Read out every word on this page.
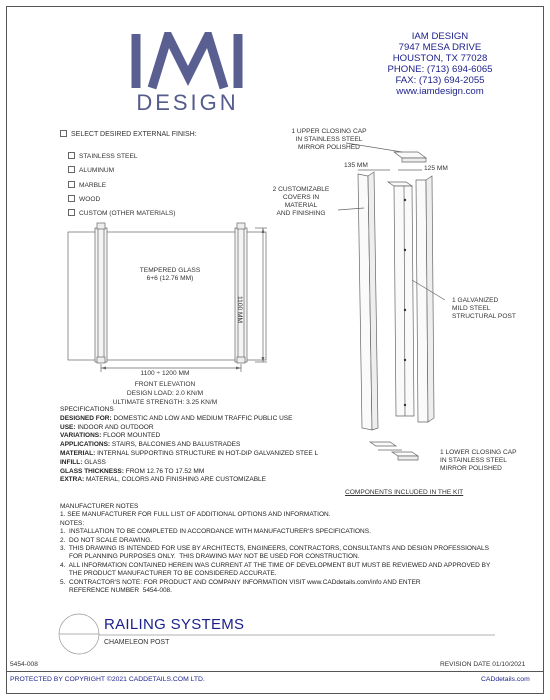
DESIGN
IAM DESIGN
7947 MESA DRIVE
HOUSTON, TX 77028
PHONE: (713) 694-6065
FAX: (713) 694-2055
www.iamdesign.com
SELECT DESIRED EXTERNAL FINISH:
STAINLESS STEEL
ALUMINUM
MARBLE
WOOD
CUSTOM (OTHER MATERIALS)
TEMPERED GLASS
6+6 (12.76 MM)
1100 MM
1100 ÷ 1200 MM
FRONT ELEVATION
DESIGN LOAD: 2.0 KN/M
ULTIMATE STRENGTH: 3.25 KN/M
1 UPPER CLOSING CAP
IN STAINLESS STEEL
MIRROR POLISHED
135 MM	125 MM
2 CUSTOMIZABLE
COVERS IN MATERIAL
AND FINISHING
1 GALVANIZED
MILD STEEL
STRUCTURAL POST
1 LOWER CLOSING CAP
IN STAINLESS STEEL
MIRROR POLISHED
COMPONENTS INCLUDED IN THE KIT
SPECIFICATIONS
DESIGNED FOR: DOMESTIC AND LOW AND MEDIUM TRAFFIC PUBLIC USE
USE: INDOOR AND OUTDOOR
VARIATIONS: FLOOR MOUNTED
APPLICATIONS: STAIRS, BALCONIES AND BALUSTRADES
MATERIAL: INTERNAL SUPPORTING STRUCTURE IN HOT-DIP GALVANIZED STEE L
INFILL: GLASS
GLASS THICKNESS: FROM 12.76 TO 17.52 MM
EXTRA: MATERIAL, COLORS AND FINISHING ARE CUSTOMIZABLE
MANUFACTURER NOTES
1. SEE MANUFACTURER FOR FULL LIST OF ADDITIONAL OPTIONS AND INFORMATION.
NOTES:
1.  INSTALLATION TO BE COMPLETED IN ACCORDANCE WITH MANUFACTURER'S SPECIFICATIONS.
2.  DO NOT SCALE DRAWING.
3.  THIS DRAWING IS INTENDED FOR USE BY ARCHITECTS, ENGINEERS, CONTRACTORS, CONSULTANTS AND DESIGN PROFESSIONALS
FOR PLANNING PURPOSES ONLY.  THIS DRAWING MAY NOT BE USED FOR CONSTRUCTION.
4.  ALL INFORMATION CONTAINED HEREIN WAS CURRENT AT THE TIME OF DEVELOPMENT BUT MUST BE REVIEWED AND APPROVED BY
THE PRODUCT MANUFACTURER TO BE CONSIDERED ACCURATE.
5.  CONTRACTOR'S NOTE: FOR PRODUCT AND COMPANY INFORMATION VISIT www.CADdetails.com/info AND ENTER
REFERENCE NUMBER  5454-008.
RAILING SYSTEMS
CHAMELEON POST
5454-008	REVISION DATE 01/10/2021
PROTECTED BY COPYRIGHT ©2021 CADDETAILS.COM LTD.	CADdetails.com
